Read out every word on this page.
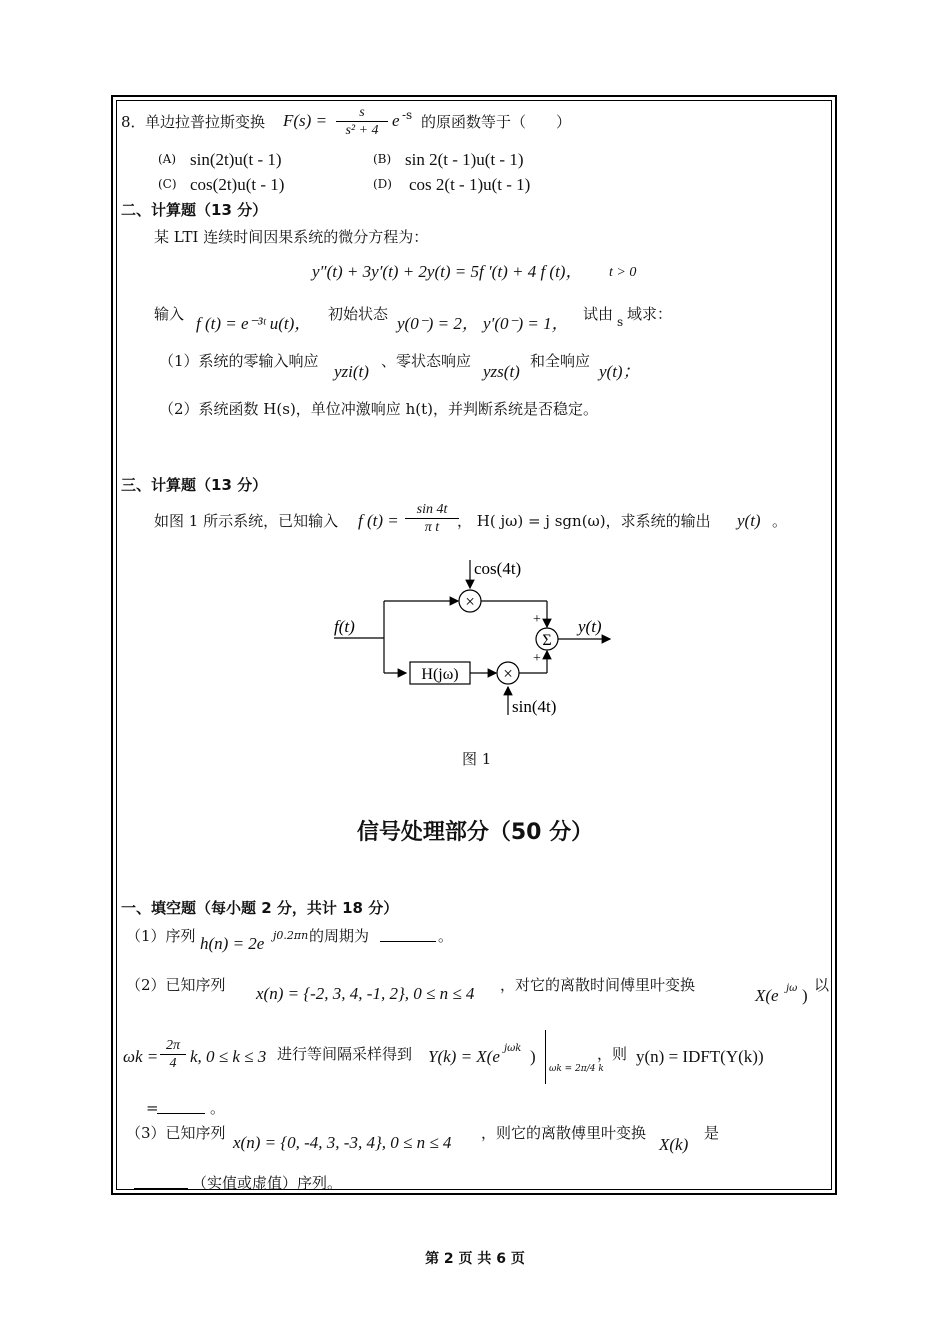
8． 单边拉普拉斯变换 $F(s) = \frac{s}{\text{s² + 4}}$ e -s 的原函数等于（　　）
(A) sin(2t)u(t - 1)	(B) sin 2(t - 1)u(t - 1)
(C) cos(2t)u(t - 1)	(D) cos 2(t - 1)u(t - 1)
二、计算题（13 分）
某 LTI 连续时间因果系统的微分方程为：
y″(t) + 3y′(t) + 2y(t) = 5f ′(t) + 4 f (t)， t > 0
输入 f (t) = e⁻³ᵗ u(t)， 初始状态 y(0⁻) = 2， y′(0⁻) = 1， 试由 s 域求：
（1）系统的零输入响应
yzi(t)
、零状态响应
yzs(t)
和全响应
y(t)；
（2）系统函数 H(s)，单位冲激响应 h(t)，并判断系统是否稳定。
三、计算题（13 分）
如图 1 所示系统，已知输入 f $(t) = \frac{\sin 4t}{\text{π t}}$
， H( jω) = j sgn(ω)，求系统的输出 y(t) 。
f(t)
×
cos(4t)
H(jω)	×
sin(4t)
Σ
+
+
y(t)
图 1
信号处理部分（50 分）
一、填空题（每小题 2 分，共计 18 分）
（1）序列 h(n) = 2e j0.2πn 的周期为	。
（2）已知序列 x(n) = {-2, 3, 4, -1, 2}, 0 ≤ n ≤ 4 ，对它的离散时间傅里叶变换
X(e jω )
以
$\omega k = \frac{2\pi}{4} k$, 0 ≤ k ≤ 3 进行等间隔采样得到 Y(k) = X(e jωk )
ωk = 2π/4 k
，则 y(n) = IDFT(Y(k))
=	。
（3）已知序列 x(n) = {0, -4, 3, -3, 4}, 0 ≤ n ≤ 4 ，则它的离散傅里叶变换
X(k)
是
（实值或虚值）序列。
第 2 页 共 6 页
